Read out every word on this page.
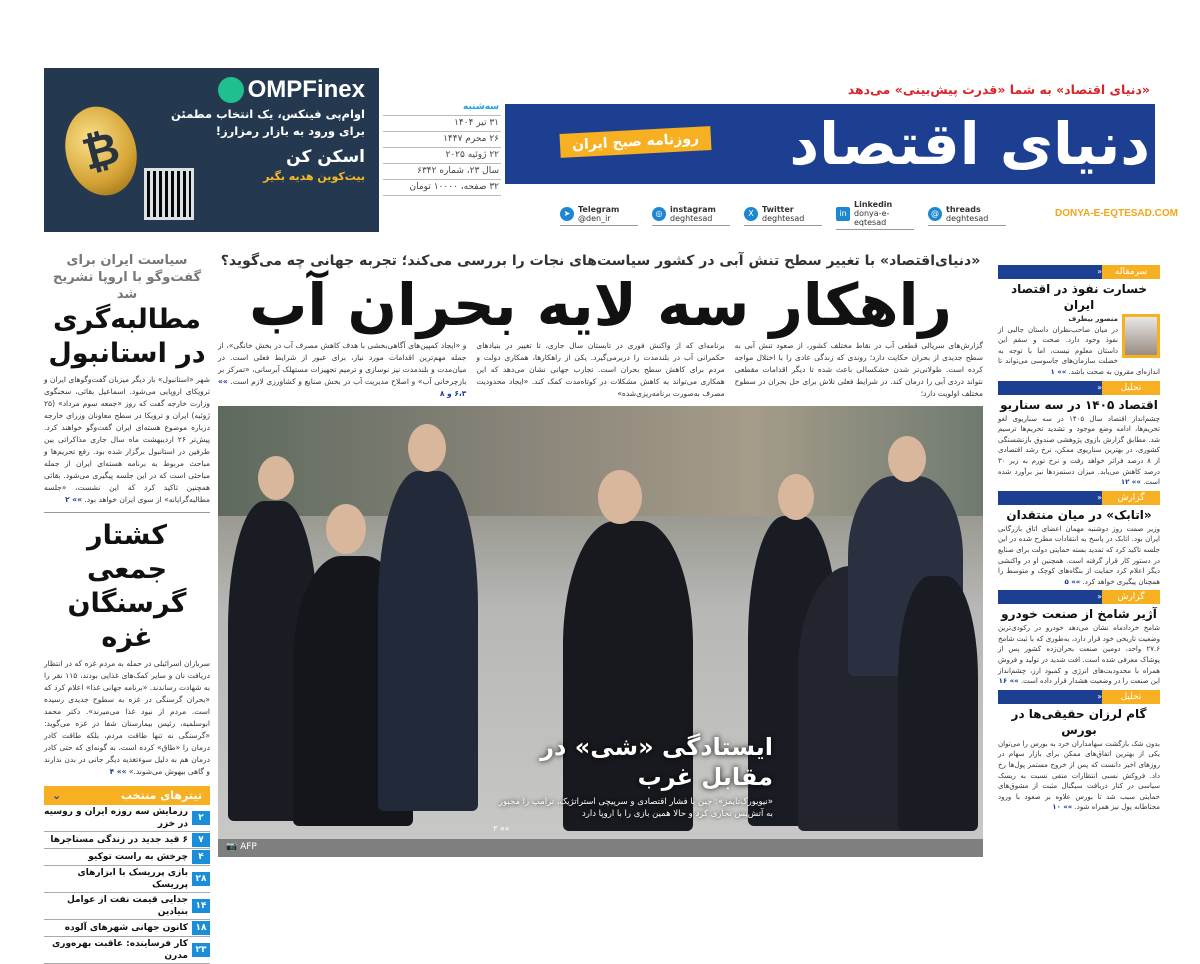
₿
OMPFinex
اوام‌پی فینکس، یک انتخاب مطمئن
برای ورود به بازار رمزارز!
اسکن کن
بیت‌کوین هدیه بگیر	دنیای اقتصاد
«دنیای اقتصاد» به شما «قدرت پیش‌بینی» می‌دهد
روزنامه صبح ایران
سه‌شنبه
۳۱ تیر ۱۴۰۴
۲۶ محرم ۱۴۴۷
۲۲ ژوئیه ۲۰۲۵
سال ۲۳، شماره ۶۳۴۲
۳۲ صفحه، ۱۰۰۰۰ تومان
➤ Telegram
@den_ir	◎ instagram
deghtesad	X	Twitter
deghtesad	in
Linkedin
donya-e-eqtesad
@ threads
deghtesad	DONYA-E-EQTESAD.COM
«دنیای‌اقتصاد» با تغییر سطح تنش آبی در کشور سیاست‌های نجات را بررسی می‌کند؛ تجربه جهانی چه می‌گوید؟
راهکار سه لایه بحران آب
گزارش‌های سریالی قطعی آب در نقاط مختلف کشور، از صعود تنش آبی به سطح جدیدی از بحران حکایت دارد؛ روندی که زندگی عادی را با اختلال مواجه کرده است. طولانی‌تر شدن خشکسالی باعث شده تا دیگر اقدامات مقطعی نتواند دردی آبی را درمان کند. در شرایط فعلی تلاش برای حل بحران در سطوح مختلف اولویت دارد؛
برنامه‌ای که از واکنش فوری در تابستان سال جاری، تا تغییر در بنیادهای حکمرانی آب در بلندمدت را دربرمی‌گیرد. یکی از راهکارها، همکاری دولت و مردم برای کاهش سطح بحران است. تجارب جهانی نشان می‌دهد که این همکاری می‌تواند به کاهش مشکلات در کوتاه‌مدت کمک کند. «ایجاد محدودیت مصرف به‌صورت برنامه‌ریزی‌شده»
و «ایجاد کمپین‌های آگاهی‌بخشی با هدف کاهش مصرف آب در بخش خانگی»، از جمله مهم‌ترین اقدامات مورد نیاز، برای عبور از شرایط فعلی است. در میان‌مدت و بلندمدت نیز نوسازی و ترمیم تجهیزات مستهلک آبرسانی، «تمرکز بر بازچرخانی آب» و اصلاح مدیریت آب در بخش صنایع و کشاورزی لازم است. »» ۶،۳ و ۸
ایستادگی «شی» در مقابل غرب
«نیویورک‌تایمز»: چین با فشار اقتصادی و سرپیچی استراتژیک، ترامپ را مجبور به آتش‌بس تجاری کرد و حالا همین بازی را با اروپا دارد
»» ۳
📷 AFP
سیاست ایران برای گفت‌وگو با اروپا تشریح شد
مطالبه‌گری در استانبول
شهر «استانبول» بار دیگر میزبان گفت‌وگوهای ایران و ترویکای اروپایی می‌شود. اسماعیل بقائی، سخنگوی وزارت خارجه گفت که روز «جمعه سوم مرداد» (۲۵ ژوئیه) ایران و ترویکا در سطح معاونان وزرای خارجه درباره موضوع هسته‌ای ایران گفت‌وگو خواهند کرد. پیش‌تر ۲۶ اردیبهشت ماه سال جاری مذاکراتی بین طرفین در استانبول برگزار شده بود. رفع تحریم‌ها و مباحث مربوط به برنامه هسته‌ای ایران از جمله مباحثی است که در این جلسه پیگیری می‌شود. بقائی همچنین تاکید کرد که این نشست، «جلسه مطالبه‌گرایانه» از سوی ایران خواهد بود. »» ۲
کشتار جمعی گرسنگان غزه
سربازان اسرائیلی در حمله به مردم غزه که در انتظار دریافت نان و سایر کمک‌های غذایی بودند، ۱۱۵ نفر را به شهادت رساندند. «برنامه جهانی غذا» اعلام کرد که «بحران گرسنگی در غزه به سطوح جدیدی رسیده است. مردم از نبود غذا می‌میرند». دکتر محمد ابوسلمیه، رئیس بیمارستان شفا در غزه می‌گوید: «گرسنگی نه تنها طاقت مردم، بلکه طاقت کادر درمان را «طاق» کرده است، به گونه‌ای که حتی کادر درمان هم به دلیل سوءتغذیه دیگر جانی در بدن ندارند و گاهی بیهوش می‌شوند.» »» ۴
تیترهای منتخب
⌄
۲
رزمایش سه روزه ایران و روسیه در خزر
۷
۶ قید جدید در زندگی مستاجرها
۴
چرخش به راست توکیو
۲۸
بازی پرریسک با ابزارهای پرریسک
۱۴
جدایی قیمت نفت از عوامل بنیادین
۱۸
کانون جهانی شهرهای آلوده
۲۳
کار فرساینده: عاقبت بهره‌وری مدرن
سرمقاله
«
خسارت نفوذ در اقتصاد ایران
منصور بیطرف
در میان صاحب‌نظران داستان جالبی از نفوذ وجود دارد. صحت و سقم این داستان معلوم نیست، اما با توجه به خصلت سازمان‌های جاسوسی می‌تواند تا اندازه‌ای مقرون به صحت باشد. »» ۱
تحلیل
«
اقتصاد ۱۴۰۵ در سه سناریو
چشم‌انداز اقتصاد سال ۱۴۰۵ در سه سناریوی لغو تحریم‌ها، ادامه وضع موجود و تشدید تحریم‌ها ترسیم شد. مطابق گزارش بازوی پژوهشی صندوق بازنشستگی کشوری، در بهترین سناریوی ممکن، نرخ رشد اقتصادی از ۸ درصد فراتر خواهد رفت و نرخ تورم به زیر ۳۰ درصد کاهش می‌یابد. میزان دستمزدها نیز برآورد شده است. »» ۱۲
گزارش
«
«اتابک» در میان منتقدان
وزیر صمت روز دوشنبه مهمان اعضای اتاق بازرگانی ایران بود. اتابک در پاسخ به انتقادات مطرح شده در این جلسه تاکید کرد که تمدید بسته حمایتی دولت برای صنایع در دستور کار قرار گرفته است. همچنین او در واکنشی دیگر اعلام کرد حمایت از بنگاه‌های کوچک و متوسط را همچنان پیگیری خواهد کرد. »» ۵
گزارش
«
آژیر شامخ از صنعت خودرو
شامخ خردادماه نشان می‌دهد خودرو در رکودی‌ترین وضعیت تاریخی خود قرار دارد، به‌طوری که با ثبت شامخ ۲۷.۶ واحد، دومین صنعت بحران‌زده کشور پس از پوشاک معرفی شده است. افت شدید در تولید و فروش همراه با محدودیت‌های انرژی و کمبود ارز، چشم‌انداز این صنعت را در وضعیت هشدار قرار داده است. »» ۱۶
تحلیل
«
گام لرزان حقیقی‌ها در بورس
بدون شک بازگشت سهامداران خرد به بورس را می‌توان یکی از بهترین اتفاق‌های ممکن برای بازار سهام در روزهای اخیر دانست که پس از خروج مستمر پول‌ها رخ داد. فروکش نسبی انتظارات منفی نسبت به ریسک سیاسی در کنار دریافت سیگنال مثبت از مشوق‌های حمایتی سبب شد تا بورس علاوه بر صعود با ورود محتاطانه پول نیز همراه شود. »» ۱۰
